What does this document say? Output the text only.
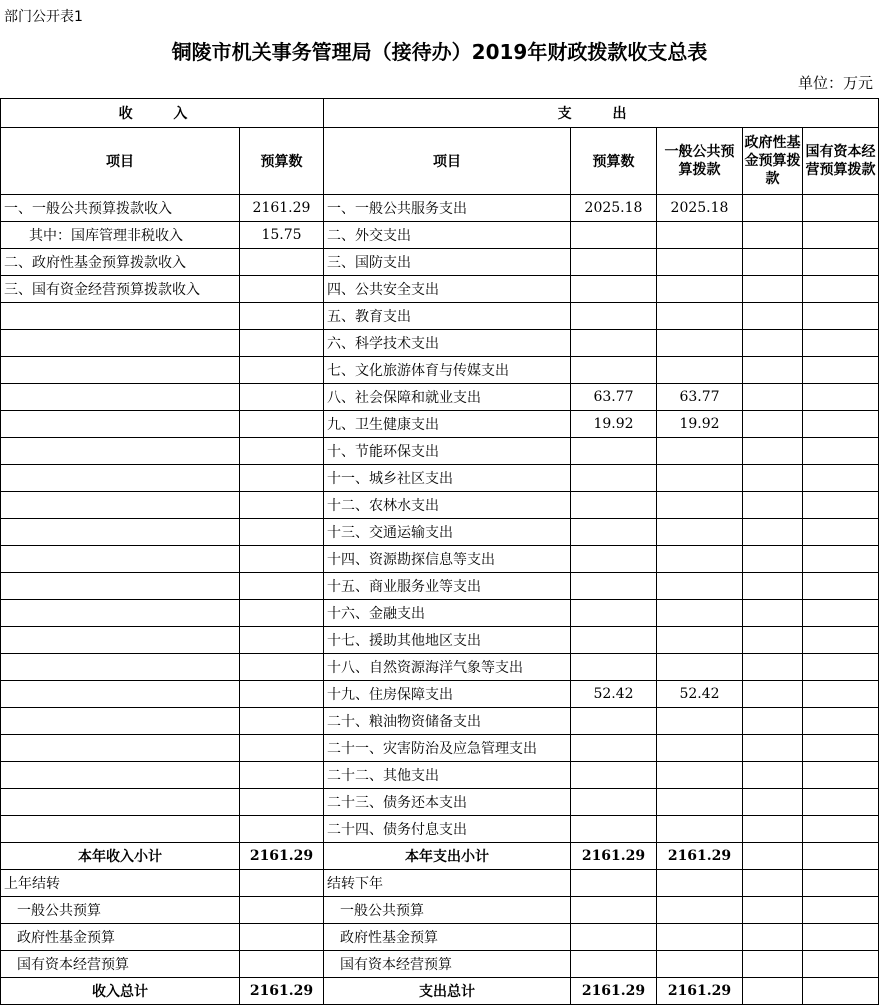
部门公开表1
铜陵市机关事务管理局（接待办）2019年财政拨款收支总表
单位：万元
收 入		支 出				
项目	预算数	项目	预算数	一般公共预算拨款	政府性基金预算拨款	国有资本经营预算拨款
一、一般公共预算拨款收入	2161.29	一、一般公共服务支出	2025.18	2025.18		
其中：国库管理非税收入	15.75	二、外交支出				
二、政府性基金预算拨款收入		三、国防支出				
三、国有资金经营预算拨款收入		四、公共安全支出				
		五、教育支出				
		六、科学技术支出				
		七、文化旅游体育与传媒支出				
		八、社会保障和就业支出	63.77	63.77		
		九、卫生健康支出	19.92	19.92		
		十、节能环保支出				
		十一、城乡社区支出				
		十二、农林水支出				
		十三、交通运输支出				
		十四、资源勘探信息等支出				
		十五、商业服务业等支出				
		十六、金融支出				
		十七、援助其他地区支出				
		十八、自然资源海洋气象等支出				
		十九、住房保障支出	52.42	52.42		
		二十、粮油物资储备支出				
		二十一、灾害防治及应急管理支出				
		二十二、其他支出				
		二十三、债务还本支出				
		二十四、债务付息支出				
本年收入小计	2161.29	本年支出小计	2161.29	2161.29		
上年结转		结转下年				
一般公共预算		一般公共预算				
政府性基金预算		政府性基金预算				
国有资本经营预算		国有资本经营预算				
收入总计	2161.29	支出总计	2161.29	2161.29		
